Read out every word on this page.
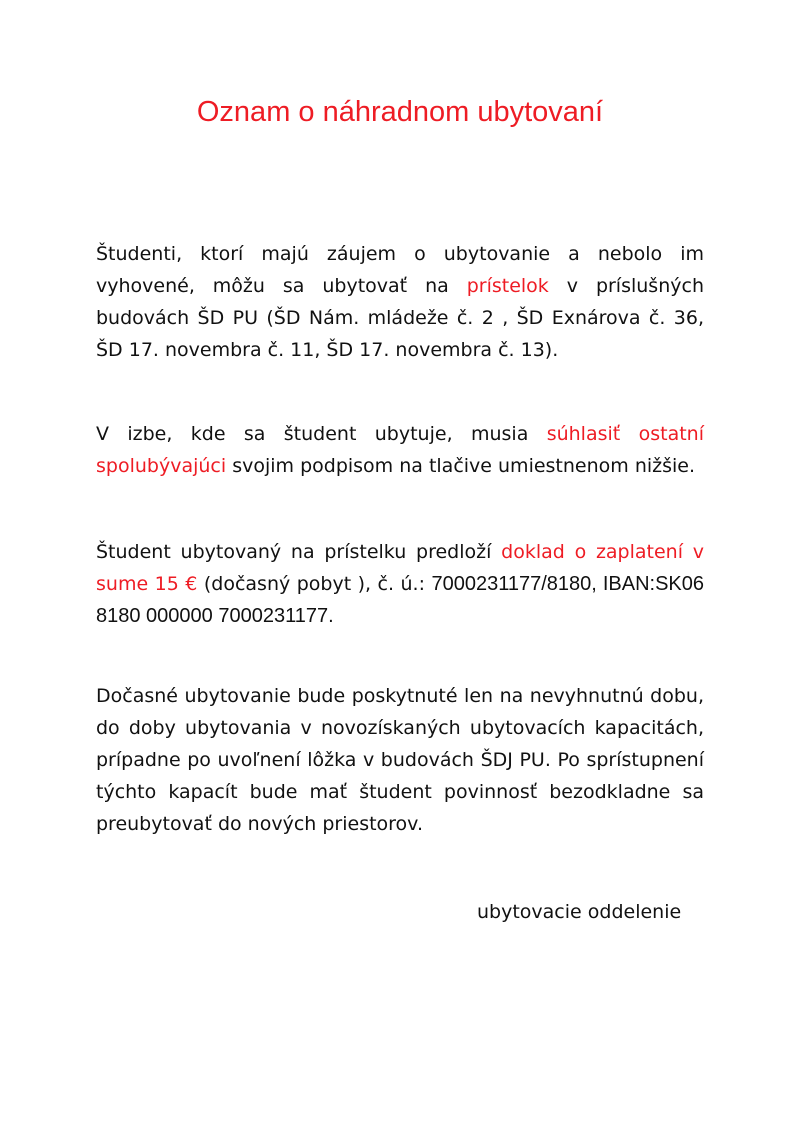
Oznam o náhradnom ubytovaní

Študenti, ktorí majú záujem o ubytovanie a nebolo im vyhovené, môžu sa ubytovať na prístelok v príslušných budovách ŠD PU (ŠD Nám. mládeže č. 2 , ŠD Exnárova č. 36, ŠD 17. novembra č. 11, ŠD 17. novembra č. 13).

V izbe, kde sa študent ubytuje, musia súhlasiť ostatní spolubývajúci svojim podpisom na tlačive umiestnenom nižšie.

Študent ubytovaný na prístelku predloží doklad o zaplatení v sume 15 € (dočasný pobyt ), č. ú.: 7000231177/8180, IBAN:SK06 8180 000000 7000231177.

Dočasné ubytovanie bude poskytnuté len na nevyhnutnú dobu, do doby ubytovania v novozískaných ubytovacích kapacitách, prípadne po uvoľnení lôžka v budovách ŠDJ PU. Po sprístupnení týchto kapacít bude mať študent povinnosť bezodkladne sa preubytovať do nových priestorov.

ubytovacie oddelenie
